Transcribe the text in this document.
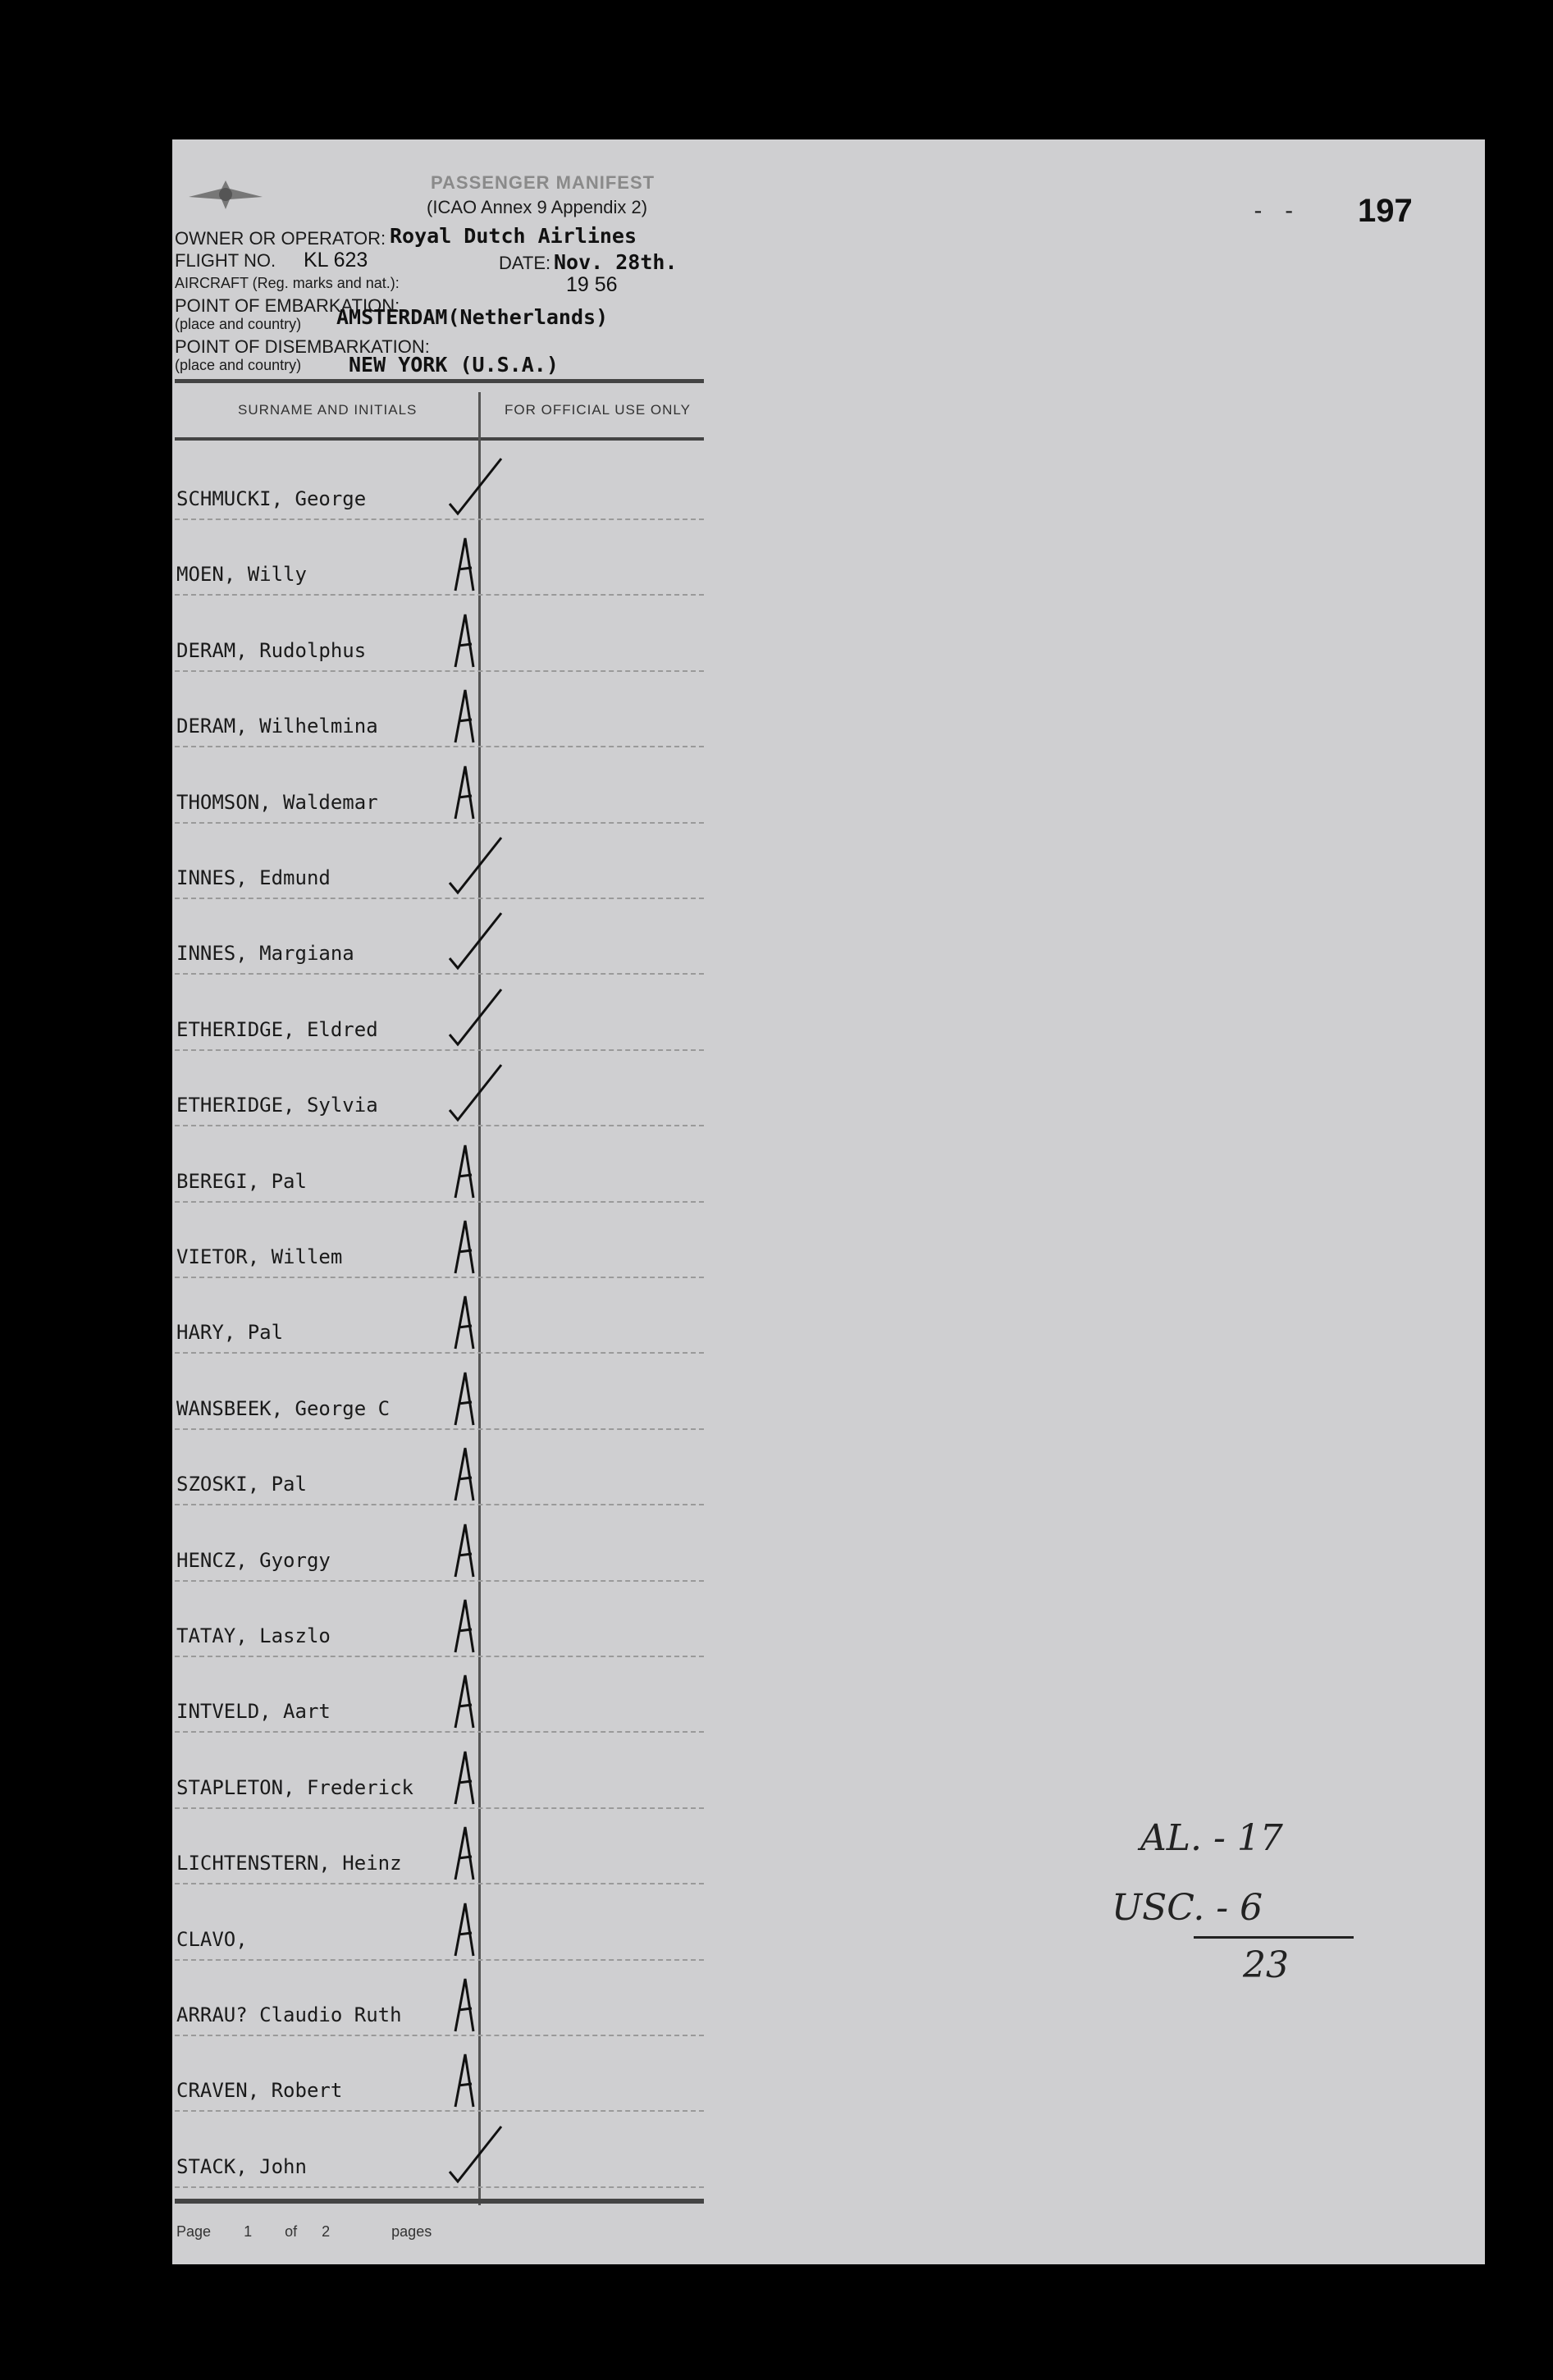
- - 197
PASSENGER MANIFEST
(ICAO Annex 9 Appendix 2)
OWNER OR OPERATOR: Royal Dutch Airlines
FLIGHT NO. KL 623	DATE: Nov. 28th.
AIRCRAFT (Reg. marks and nat.):	19 56
POINT OF EMBARKATION:
(place and country) AMSTERDAM(Netherlands)
POINT OF DISEMBARKATION:
(place and country) NEW YORK (U.S.A.)
SURNAME AND INITIALS	FOR OFFICIAL USE ONLY
SCHMUCKI, George
MOEN, Willy
DERAM, Rudolphus
DERAM, Wilhelmina
THOMSON, Waldemar
INNES, Edmund
INNES, Margiana
ETHERIDGE, Eldred
ETHERIDGE, Sylvia
BEREGI, Pal
VIETOR, Willem
HARY, Pal
WANSBEEK, George C
SZOSKI, Pal
HENCZ, Gyorgy
TATAY, Laszlo
INTVELD, Aart
STAPLETON, Frederick
LICHTENSTERN, Heinz
CLAVO,
ARRAU? Claudio Ruth
CRAVEN, Robert
STACK, John
Page 1 of 2	pages
AL. - 17
USC. - 6
23
